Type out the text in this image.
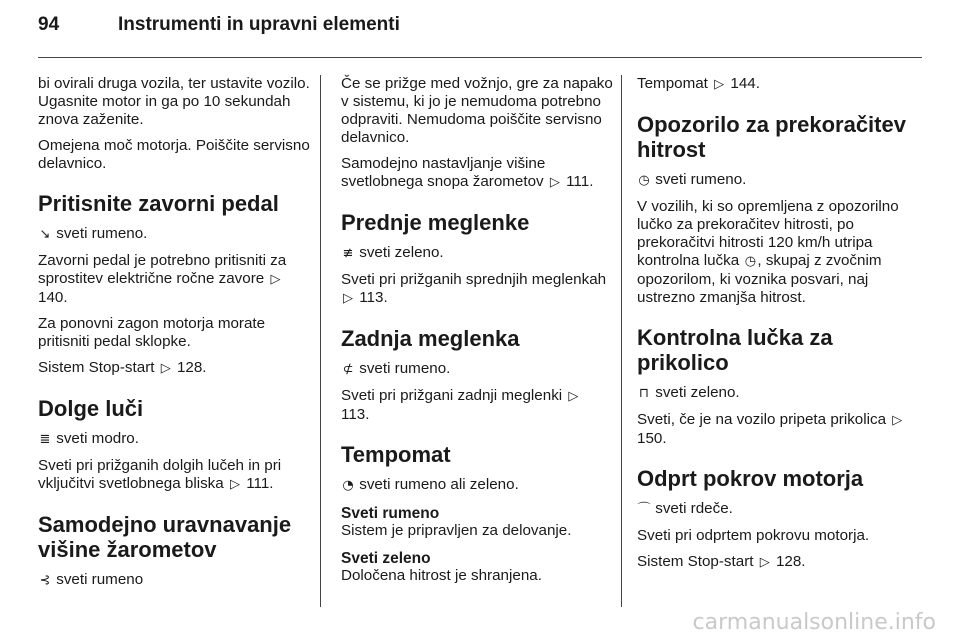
94	Instrumenti in upravni elementi

bi ovirali druga vozila, ter ustavite vozilo. Ugasnite motor in ga po 10 sekundah znova zaženite.

Omejena moč motorja. Poiščite servisno delavnico.

Pritisnite zavorni pedal

↘ sveti rumeno.

Zavorni pedal je potrebno pritisniti za sprostitev električne ročne zavore ▷ 140.

Za ponovni zagon motorja morate pritisniti pedal sklopke.

Sistem Stop-start ▷ 128.

Dolge luči

≣ sveti modro.

Sveti pri prižganih dolgih lučeh in pri vključitvi svetlobnega bliska ▷ 111.

Samodejno uravnavanje višine žarometov

⊰ sveti rumeno

Če se prižge med vožnjo, gre za napako v sistemu, ki jo je nemudoma potrebno odpraviti. Nemudoma poiščite servisno delavnico.

Samodejno nastavljanje višine svetlobnega snopa žarometov ▷ 111.

Prednje meglenke

≢ sveti zeleno.

Sveti pri prižganih sprednjih meglenkah ▷ 113.

Zadnja meglenka

⊄ sveti rumeno.

Sveti pri prižgani zadnji meglenki ▷ 113.

Tempomat

◔ sveti rumeno ali zeleno.

Sveti rumeno

Sistem je pripravljen za delovanje.

Sveti zeleno

Določena hitrost je shranjena.

Tempomat ▷ 144.

Opozorilo za prekoračitev hitrost

◷ sveti rumeno.

V vozilih, ki so opremljena z opozorilno lučko za prekoračitev hitrosti, po prekoračitvi hitrosti 120 km/h utripa kontrolna lučka ◷, skupaj z zvočnim opozorilom, ki voznika posvari, naj ustrezno zmanjša hitrost.

Kontrolna lučka za prikolico

⊓ sveti zeleno.

Sveti, če je na vozilo pripeta prikolica ▷ 150.

Odprt pokrov motorja

⌒ sveti rdeče.

Sveti pri odprtem pokrovu motorja.

Sistem Stop-start ▷ 128.

carmanualsonline.info
